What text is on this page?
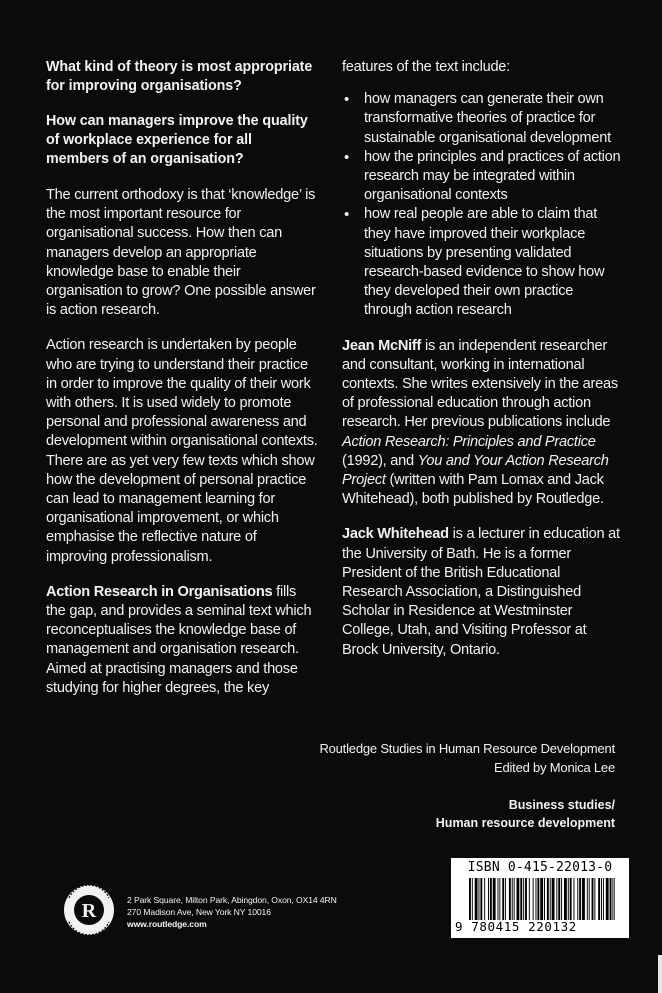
What kind of theory is most appropriate for improving organisations?

How can managers improve the quality of workplace experience for all members of an organisation?

The current orthodoxy is that ‘knowledge’ is the most important resource for organisational success. How then can managers develop an appropriate knowledge base to enable their organisation to grow? One possible answer is action research.

Action research is undertaken by people who are trying to understand their practice in order to improve the quality of their work with others. It is used widely to promote personal and professional awareness and development within organisational contexts. There are as yet very few texts which show how the development of personal practice can lead to management learning for organisational improvement, or which emphasise the reflective nature of improving professionalism.

Action Research in Organisations fills the gap, and provides a seminal text which reconceptualises the knowledge base of management and organisation research. Aimed at practising managers and those studying for higher degrees, the key

features of the text include:

• how managers can generate their own transformative theories of practice for sustainable organisational development
• how the principles and practices of action research may be integrated within organisational contexts
• how real people are able to claim that they have improved their workplace situations by presenting validated research-based evidence to show how they developed their own practice through action research

Jean McNiff is an independent researcher and consultant, working in international contexts. She writes extensively in the areas of professional education through action research. Her previous publications include Action Research: Principles and Practice (1992), and You and Your Action Research Project (written with Pam Lomax and Jack Whitehead), both published by Routledge.

Jack Whitehead is a lecturer in education at the University of Bath. He is a former President of the British Educational Research Association, a Distinguished Scholar in Residence at Westminster College, Utah, and Visiting Professor at Brock University, Ontario.

Routledge Studies in Human Resource Development
Edited by Monica Lee
Business studies/
Human resource development
R	2 Park Square, Milton Park, Abingdon, Oxon, OX14 4RN
270 Madison Ave, New York NY 10016
www.routledge.com
ISBN 0-415-22013-0
9 780415 220132
